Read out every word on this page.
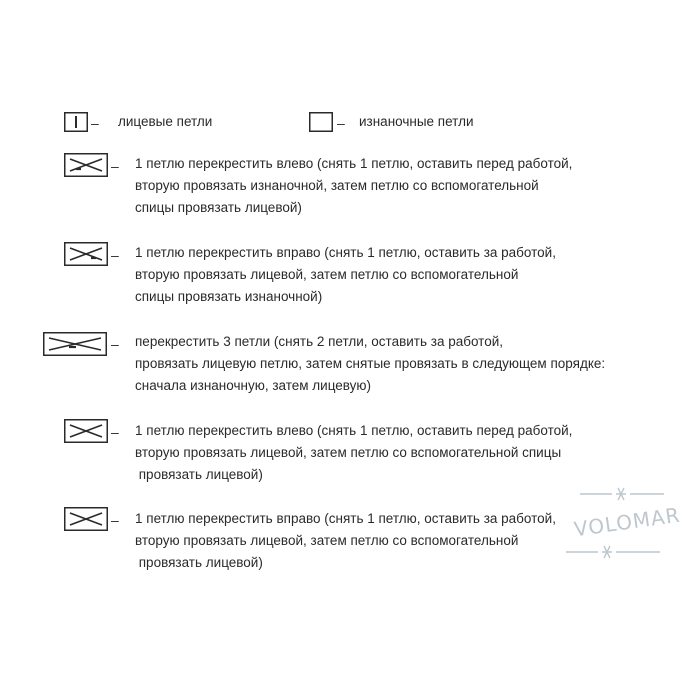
– лицевые петли	– изнаночные петли
– 1 петлю перекрестить влево (снять 1 петлю, оставить перед работой,
вторую провязать изнаночной, затем петлю со вспомогательной
спицы провязать лицевой)
– 1 петлю перекрестить вправо (снять 1 петлю, оставить за работой,
вторую провязать лицевой, затем петлю со вспомогательной
спицы провязать изнаночной)
– перекрестить 3 петли (снять 2 петли, оставить за работой,
провязать лицевую петлю, затем снятые провязать в следующем порядке:
сначала изнаночную, затем лицевую)
– 1 петлю перекрестить влево (снять 1 петлю, оставить перед работой,
вторую провязать лицевой, затем петлю со вспомогательной спицы
провязать лицевой)
– 1 петлю перекрестить вправо (снять 1 петлю, оставить за работой,
вторую провязать лицевой, затем петлю со вспомогательной
провязать лицевой)
VOLOMAR
